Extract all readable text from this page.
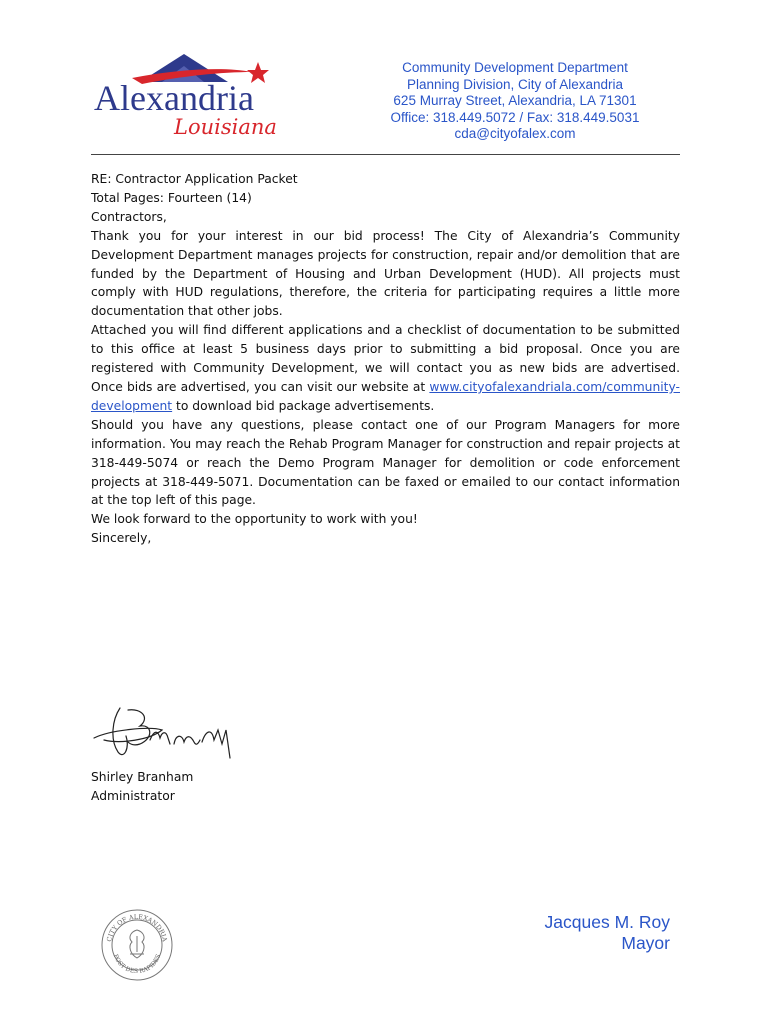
Alexandria
Louisiana
Community Development Department
Planning Division, City of Alexandria
625 Murray Street, Alexandria, LA 71301
Office: 318.449.5072 / Fax: 318.449.5031
cda@cityofalex.com

RE: Contractor Application Packet

Total Pages: Fourteen (14)

Contractors,

Thank you for your interest in our bid process! The City of Alexandria’s Community Development Department manages projects for construction, repair and/or demolition that are funded by the Department of Housing and Urban Development (HUD). All projects must comply with HUD regulations, therefore, the criteria for participating requires a little more documentation that other jobs.

Attached you will find different applications and a checklist of documentation to be submitted to this office at least 5 business days prior to submitting a bid proposal. Once you are registered with Community Development, we will contact you as new bids are advertised. Once bids are advertised, you can visit our website at www.cityofalexandriala.com/community-development to download bid package advertisements.

Should you have any questions, please contact one of our Program Managers for more information. You may reach the Rehab Program Manager for construction and repair projects at 318-449-5074 or reach the Demo Program Manager for demolition or code enforcement projects at 318-449-5071. Documentation can be faxed or emailed to our contact information at the top left of this page.

We look forward to the opportunity to work with you!

Sincerely,

Shirley Branham
Administrator
CITY OF ALEXANDRIA
POST DES RAPIDES
Jacques M. Roy
Mayor
